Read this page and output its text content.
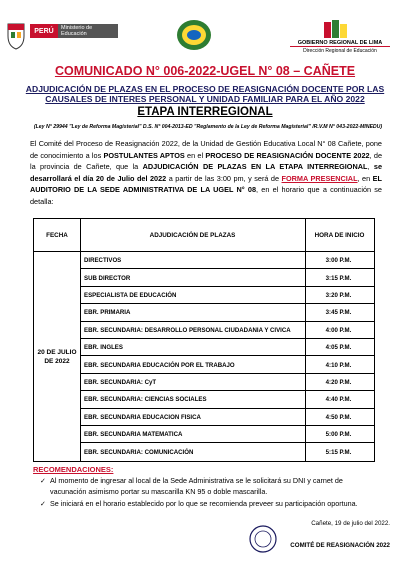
PERÚ	Ministerio de Educación
GOBIERNO REGIONAL DE LIMA
Dirección Regional de Educación
COMUNICADO N° 006-2022-UGEL N° 08 – CAÑETE
ADJUDICACIÓN DE PLAZAS EN EL PROCESO DE REASIGNACIÓN DOCENTE POR LAS CAUSALES DE INTERES PERSONAL Y UNIDAD FAMILIAR PARA EL AÑO 2022
ETAPA INTERREGIONAL
(Ley N° 29944 "Ley de Reforma Magisterial" D.S. N° 004-2013-ED "Reglamento de la Ley de Reforma Magisterial" /R.V.M N° 043-2022-MINEDU)
El Comité del Proceso de Reasignación 2022, de la Unidad de Gestión Educativa Local N° 08 Cañete, pone de conocimiento a los POSTULANTES APTOS en el PROCESO DE REASIGNACIÓN DOCENTE 2022, de la provincia de Cañete, que la ADJUDICACIÓN DE PLAZAS EN LA ETAPA INTERREGIONAL, se desarrollará el día 20 de Julio del 2022 a partir de las 3:00 pm, y será de FORMA PRESENCIAL, en EL AUDITORIO DE LA SEDE ADMINISTRATIVA DE LA UGEL N° 08, en el horario que a continuación se detalla:
FECHA	ADJUDICACIÓN DE PLAZAS	HORA DE INICIO
20 DE JULIO DE 2022
DIRECTIVOS	3:00 P.M.
SUB DIRECTOR	3:15 P.M.
ESPECIALISTA DE EDUCACIÓN	3:20 P.M.
EBR. PRIMARIA	3:45 P.M.
EBR. SECUNDARIA: DESARROLLO PERSONAL CIUDADANIA Y CIVICA	4:00 P.M.
EBR. INGLES	4:05 P.M.
EBR. SECUNDARIA EDUCACIÓN POR EL TRABAJO	4:10 P.M.
EBR. SECUNDARIA: CyT	4:20 P.M.
EBR. SECUNDARIA: CIENCIAS SOCIALES	4:40 P.M.
EBR. SECUNDARIA EDUCACION FISICA	4:50 P.M.
EBR. SECUNDARIA MATEMATICA	5:00 P.M.
EBR. SECUNDARIA: COMUNICACIÓN	5:15 P.M.
RECOMENDACIONES:
✓ Al momento de ingresar al local de la Sede Administrativa se le solicitará su DNI y carnet de vacunación asimismo portar su mascarilla KN 95 o doble mascarilla.
✓ Se iniciará en el horario establecido por lo que se recomienda preveer su participación oportuna.
Cañete, 19 de julio del 2022.
COMITÉ DE REASIGNACIÓN 2022
